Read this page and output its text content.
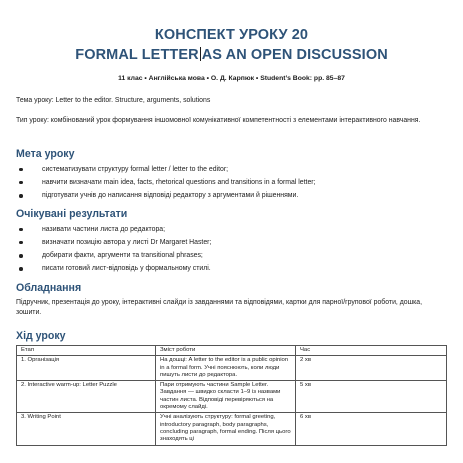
КОНСПЕКТ УРОКУ 20
FORMAL LETTER AS AN OPEN DISCUSSION
11 клас • Англійська мова • О. Д. Карпюк • Student’s Book: pp. 85–87
Тема уроку: Letter to the editor. Structure, arguments, solutions
Тип уроку: комбінований урок формування іншомовної комунікативної компетентності з елементами інтерактивного навчання.
Мета уроку
систематизувати структуру formal letter / letter to the editor;
навчити визначати main idea, facts, rhetorical questions and transitions in a formal letter;
підготувати учнів до написання відповіді редактору з аргументами й рішеннями.
Очікувані результати
називати частини листа до редактора;
визначати позицію автора у листі Dr Margaret Haster;
добирати факти, аргументи та transitional phrases;
писати готовий лист-відповідь у формальному стилі.
Обладнання
Підручник, презентація до уроку, інтерактивні слайди із завданнями та відповідями, картки для парної/групової роботи, дошка, зошити.
Хід уроку
Етап	Зміст роботи	Час
1. Організація	На дошці: A letter to the editor is a public opinion in a formal form. Учні пояснюють, коли люди пишуть листи до редактора.	2 хв
2. Interactive warm-up: Letter Puzzle	Пари отримують частини Sample Letter. Завдання — швидко скласти 1–9 із назвами частин листа. Відповіді перевіряються на окремому слайді.	5 хв
3. Writing Point	Учні аналізують структуру: formal greeting, introductory paragraph, body paragraphs, concluding paragraph, formal ending. Після цього знаходять ці	6 хв
